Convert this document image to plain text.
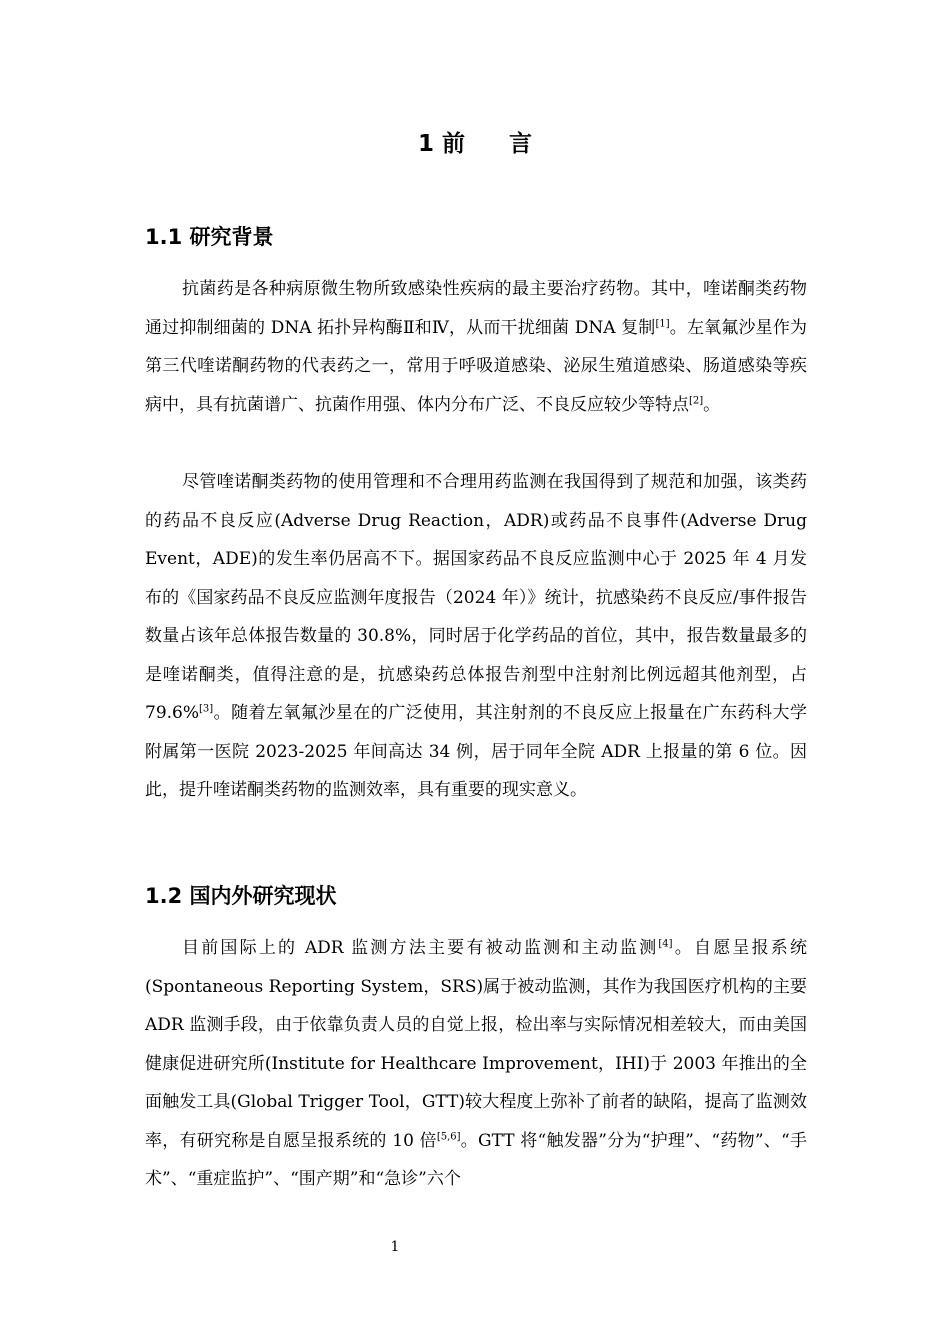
1 前 言
1.1 研究背景

抗菌药是各种病原微生物所致感染性疾病的最主要治疗药物。其中，喹诺酮类药物通过抑制细菌的 DNA 拓扑异构酶Ⅱ和Ⅳ，从而干扰细菌 DNA 复制[1]。左氧氟沙星作为第三代喹诺酮药物的代表药之一，常用于呼吸道感染、泌尿生殖道感染、肠道感染等疾病中，具有抗菌谱广、抗菌作用强、体内分布广泛、不良反应较少等特点[2]。

尽管喹诺酮类药物的使用管理和不合理用药监测在我国得到了规范和加强，该类药的药品不良反应(Adverse Drug Reaction，ADR)或药品不良事件(Adverse Drug Event，ADE)的发生率仍居高不下。据国家药品不良反应监测中心于 2025 年 4 月发布的《国家药品不良反应监测年度报告（2024 年）》统计，抗感染药不良反应/事件报告数量占该年总体报告数量的 30.8%，同时居于化学药品的首位，其中，报告数量最多的是喹诺酮类，值得注意的是，抗感染药总体报告剂型中注射剂比例远超其他剂型，占 79.6%[3]。随着左氧氟沙星在的广泛使用，其注射剂的不良反应上报量在广东药科大学附属第一医院 2023-2025 年间高达 34 例，居于同年全院 ADR 上报量的第 6 位。因此，提升喹诺酮类药物的监测效率，具有重要的现实意义。

1.2 国内外研究现状

目前国际上的 ADR 监测方法主要有被动监测和主动监测[4]。自愿呈报系统(Spontaneous Reporting System，SRS)属于被动监测，其作为我国医疗机构的主要 ADR 监测手段，由于依靠负责人员的自觉上报，检出率与实际情况相差较大，而由美国健康促进研究所(Institute for Healthcare Improvement，IHI)于 2003 年推出的全面触发工具(Global Trigger Tool，GTT)较大程度上弥补了前者的缺陷，提高了监测效率，有研究称是自愿呈报系统的 10 倍[5,6]。GTT 将“触发器”分为“护理”、“药物”、“手术”、“重症监护”、“围产期”和“急诊”六个

1
